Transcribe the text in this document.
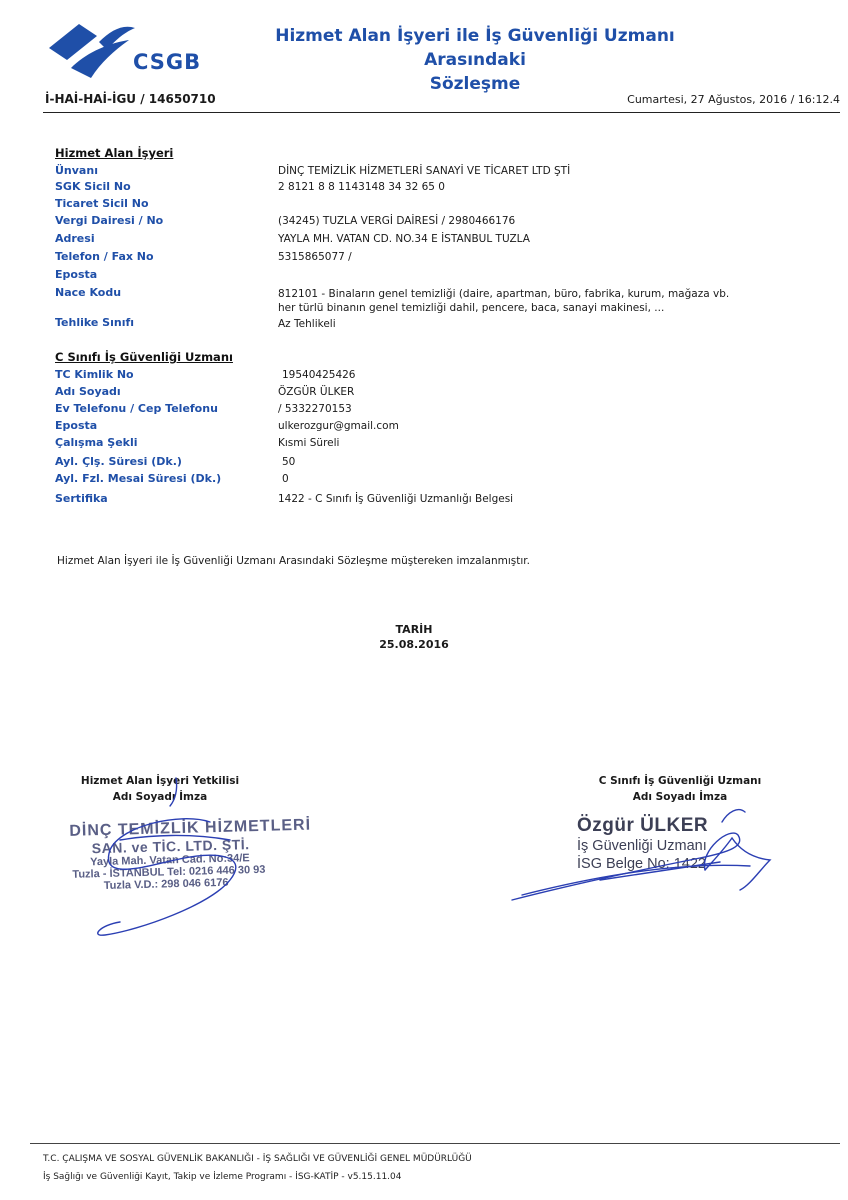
CSGB
Hizmet Alan İşyeri ile İş Güvenliği Uzmanı Arasındaki
Sözleşme
İ-HAİ-HAİ-İGU / 14650710	Cumartesi, 27 Ağustos, 2016 / 16:12.4
Hizmet Alan İşyeri
Ünvanı	DİNÇ TEMİZLİK HİZMETLERİ SANAYİ VE TİCARET LTD ŞTİ
SGK Sicil No	2 8121 8 8 1143148 34 32 65 0
Ticaret Sicil No
Vergi Dairesi / No	(34245) TUZLA VERGİ DAİRESİ / 2980466176
Adresi	YAYLA MH. VATAN CD. NO.34 E İSTANBUL TUZLA
Telefon / Fax No	5315865077 /
Eposta
Nace Kodu	812101 - Binaların genel temizliği (daire, apartman, büro, fabrika, kurum, mağaza vb. her türlü binanın genel temizliği dahil, pencere, baca, sanayi makinesi, ...
Tehlike Sınıfı	Az Tehlikeli
C Sınıfı İş Güvenliği Uzmanı
TC Kimlik No	19540425426
Adı Soyadı	ÖZGÜR ÜLKER
Ev Telefonu / Cep Telefonu	/ 5332270153
Eposta	ulkerozgur@gmail.com
Çalışma Şekli	Kısmi Süreli
Ayl. Çlş. Süresi (Dk.)	50
Ayl. Fzl. Mesai Süresi (Dk.)	0
Sertifika	1422 - C Sınıfı İş Güvenliği Uzmanlığı Belgesi
Hizmet Alan İşyeri ile İş Güvenliği Uzmanı Arasındaki Sözleşme müştereken imzalanmıştır.
TARİH
25.08.2016
Hizmet Alan İşyeri Yetkilisi
Adı Soyadı İmza
C Sınıfı İş Güvenliği Uzmanı
Adı Soyadı İmza
DİNÇ TEMİZLİK HİZMETLERİ
SAN. ve TİC. LTD. ŞTİ.
Yayla Mah. Vatan Cad. No:34/E
Tuzla - İSTANBUL Tel: 0216 446 30 93
Tuzla V.D.: 298 046 6176
Özgür ÜLKER
İş Güvenliği Uzmanı
İSG Belge No: 1422
T.C. ÇALIŞMA VE SOSYAL GÜVENLİK BAKANLIĞI - İŞ SAĞLIĞI VE GÜVENLİĞİ GENEL MÜDÜRLÜĞÜ
İş Sağlığı ve Güvenliği Kayıt, Takip ve İzleme Programı - İSG-KATİP - v5.15.11.04
